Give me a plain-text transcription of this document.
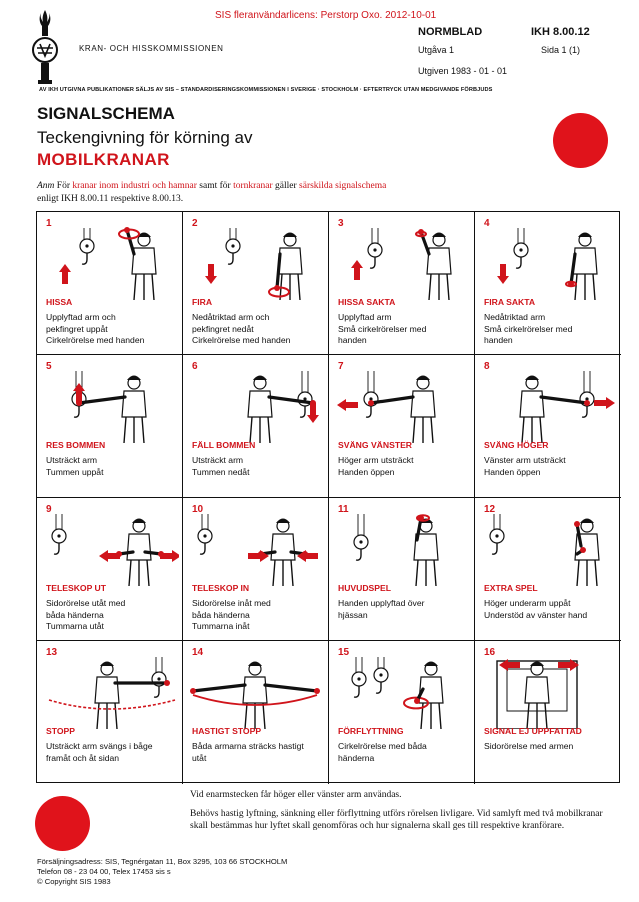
SIS fleranvändarlicens: Perstorp Oxo. 2012-10-01
KRAN- OCH HISSKOMMISSIONEN
NORMBLAD	IKH 8.00.12
Utgåva 1	Sida 1 (1)
Utgiven 1983 - 01 - 01
AV IKH UTGIVNA PUBLIKATIONER SÄLJS AV SIS – STANDARDISERINGSKOMMISSIONEN I SVERIGE · STOCKHOLM · EFTERTRYCK UTAN MEDGIVANDE FÖRBJUDS
SIGNALSCHEMA
Teckengivning för körning av
MOBILKRANAR
Anm För kranar inom industri och hamnar samt för tornkranar gäller särskilda signalschema
enligt IKH 8.00.11 respektive 8.00.13.
1
HISSA
Upplyftad arm och
pekfingret uppåt
Cirkelrörelse med handen
2
FIRA
Nedåtriktad arm och
pekfingret nedåt
Cirkelrörelse med handen
3
HISSA SAKTA
Upplyftad arm
Små cirkelrörelser med
handen
4
FIRA SAKTA
Nedåtriktad arm
Små cirkelrörelser med
handen
5
RES BOMMEN
Utsträckt arm
Tummen uppåt
6
FÄLL BOMMEN
Utsträckt arm
Tummen nedåt
7
SVÄNG VÄNSTER
Höger arm utsträckt
Handen öppen
8
SVÄNG HÖGER
Vänster arm utsträckt
Handen öppen
9
TELESKOP UT
Sidorörelse utåt med
båda händerna
Tummarna utåt
10
TELESKOP IN
Sidorörelse inåt med
båda händerna
Tummarna inåt
11
HUVUDSPEL
Handen upplyftad över
hjässan
12
EXTRA SPEL
Höger underarm uppåt
Understöd av vänster hand
13
STOPP
Utsträckt arm svängs i båge
framåt och åt sidan
14
HASTIGT STOPP
Båda armarna sträcks hastigt
utåt
15
FÖRFLYTTNING
Cirkelrörelse med båda
händerna
16
SIGNAL EJ UPPFATTAD
Sidorörelse med armen

Vid enarmstecken får höger eller vänster arm användas.

Behövs hastig lyftning, sänkning eller förflyttning utförs rörelsen livligare. Vid samlyft med två mobilkranar skall bestämmas hur lyftet skall genomföras och hur signalerna skall ges till respektive kranförare.

Försäljningsadress: SIS, Tegnérgatan 11, Box 3295, 103 66 STOCKHOLM
Telefon 08 - 23 04 00, Telex 17453 sis s
© Copyright SIS 1983
